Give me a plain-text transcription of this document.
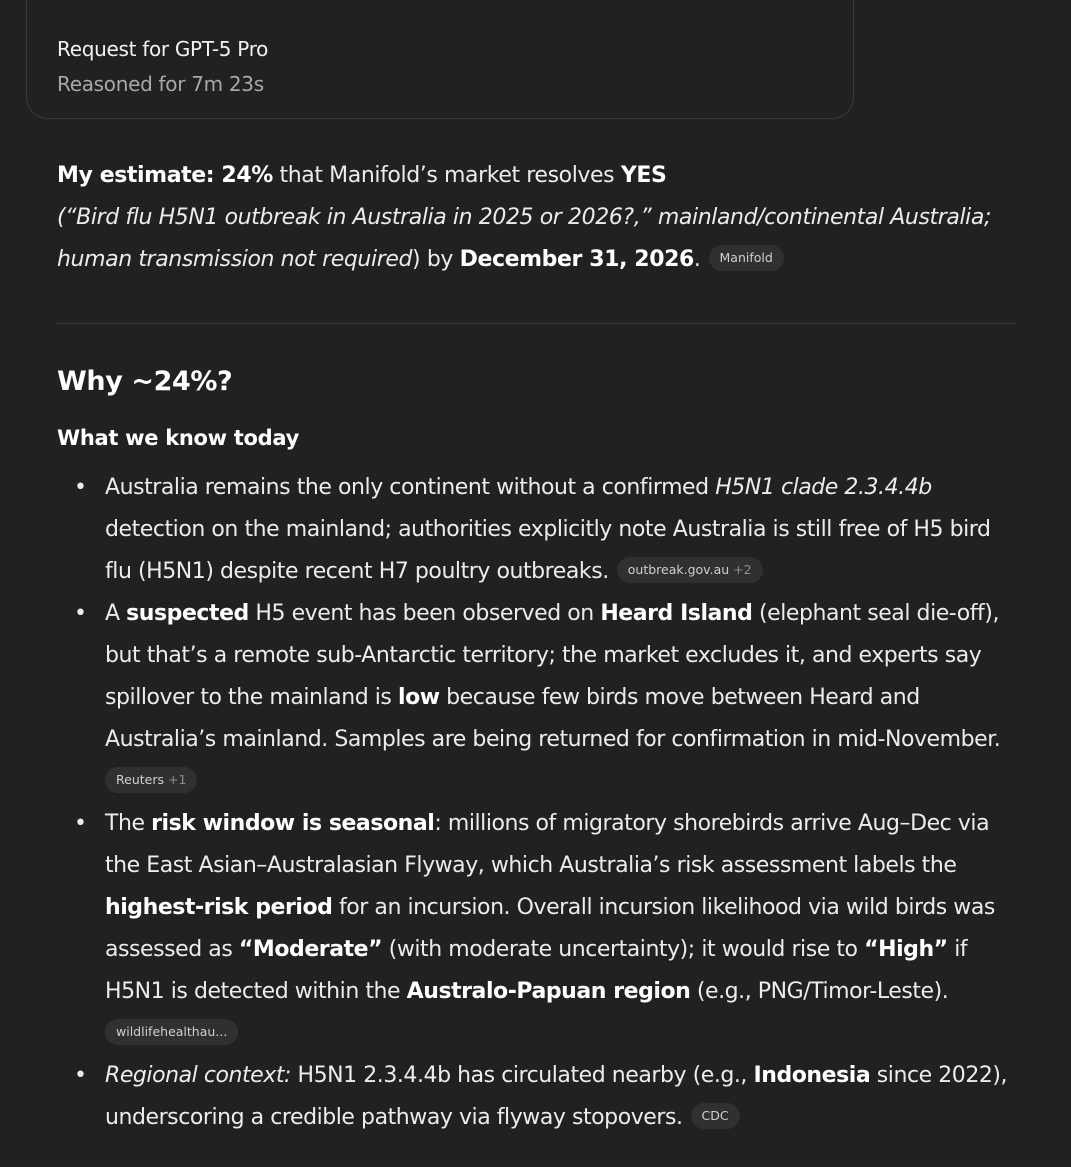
Request for GPT-5 Pro
Reasoned for 7m 23s

My estimate: 24% that Manifold’s market resolves YES
(“Bird flu H5N1 outbreak in Australia in 2025 or 2026?,” mainland/continental Australia; human transmission not required) by December 31, 2026. Manifold

Why ~24%?
What we know today
• Australia remains the only continent without a confirmed H5N1 clade 2.3.4.4b detection on the mainland; authorities explicitly note Australia is still free of H5 bird flu (H5N1) despite recent H7 poultry outbreaks. outbreak.gov.au +2
• A suspected H5 event has been observed on Heard Island (elephant seal die-off), but that’s a remote sub-Antarctic territory; the market excludes it, and experts say spillover to the mainland is low because few birds move between Heard and Australia’s mainland. Samples are being returned for confirmation in mid-November.
Reuters +1
• The risk window is seasonal: millions of migratory shorebirds arrive Aug–Dec via the East Asian–Australasian Flyway, which Australia’s risk assessment labels the highest-risk period for an incursion. Overall incursion likelihood via wild birds was assessed as “Moderate” (with moderate uncertainty); it would rise to “High” if H5N1 is detected within the Australo-Papuan region (e.g., PNG/Timor-Leste).
wildlifehealthau...
• Regional context: H5N1 2.3.4.4b has circulated nearby (e.g., Indonesia since 2022), underscoring a credible pathway via flyway stopovers. CDC
